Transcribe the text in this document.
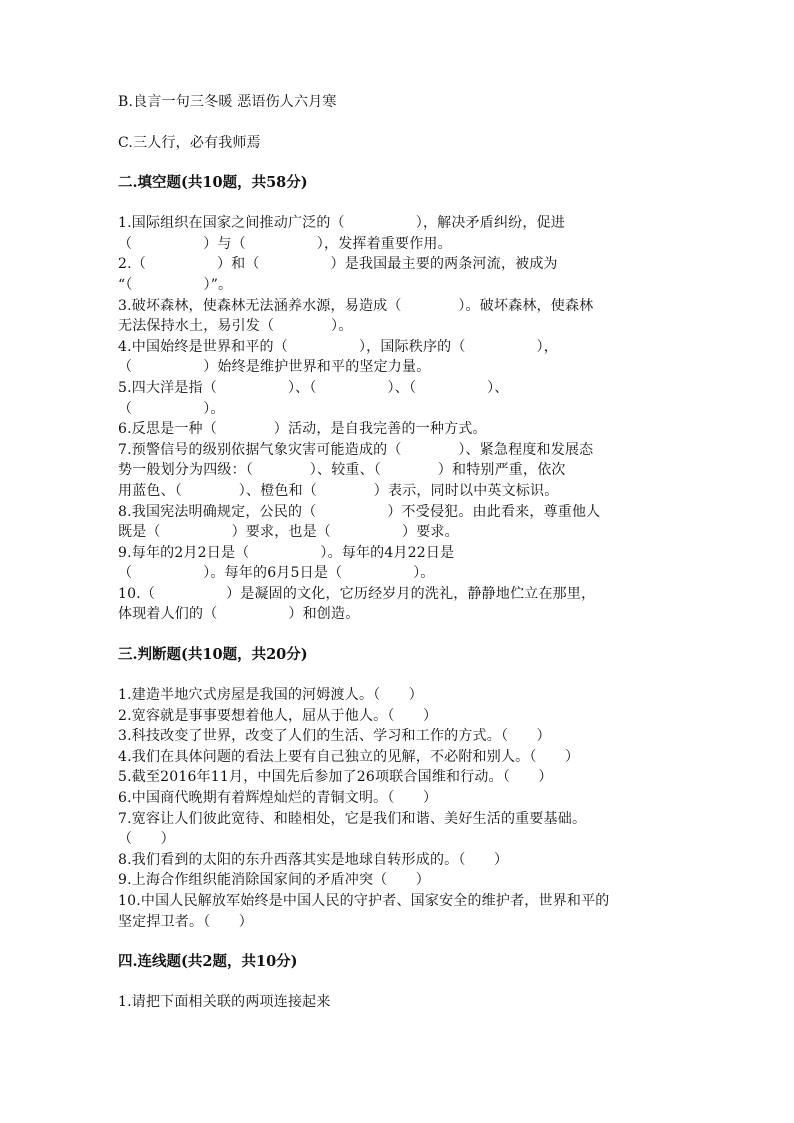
B.良言一句三冬暖 恶语伤人六月寒
C.三人行，必有我师焉
二.填空题(共10题，共58分)
1.国际组织在国家之间推动广泛的（　　　　　），解决矛盾纠纷，促进
（　　　　　）与（　　　　　），发挥着重要作用。
2.（　　　　　）和（　　　　　）是我国最主要的两条河流，被成为
“（　　　　　）”。
3.破坏森林，使森林无法涵养水源，易造成（　　　　）。破坏森林，使森林
无法保持水土，易引发（　　　　）。
4.中国始终是世界和平的（　　　　　），国际秩序的（　　　　　），
（　　　　　）始终是维护世界和平的坚定力量。
5.四大洋是指（　　　　　）、（　　　　　）、（　　　　　）、
（　　　　　）。
6.反思是一种（　　　　）活动，是自我完善的一种方式。
7.预警信号的级别依据气象灾害可能造成的（　　　　）、紧急程度和发展态
势一般划分为四级：（　　　　）、较重、（　　　　）和特别严重，依次
用蓝色、（　　　　）、橙色和（　　　　）表示，同时以中英文标识。
8.我国宪法明确规定，公民的（　　　　　）不受侵犯。由此看来，尊重他人
既是（　　　　　）要求，也是（　　　　　）要求。
9.每年的2月2日是（　　　　　）。每年的4月22日是
（　　　　　）。每年的6月5日是（　　　　　）。
10.（　　　　　）是凝固的文化，它历经岁月的洗礼，静静地伫立在那里，
体现着人们的（　　　　　）和创造。
三.判断题(共10题，共20分)
1.建造半地穴式房屋是我国的河姆渡人。（　　）
2.宽容就是事事要想着他人，屈从于他人。（　　）
3.科技改变了世界，改变了人们的生活、学习和工作的方式。（　　）
4.我们在具体问题的看法上要有自己独立的见解，不必附和别人。（　　）
5.截至2016年11月，中国先后参加了26项联合国维和行动。（　　）
6.中国商代晚期有着辉煌灿烂的青铜文明。（　　）
7.宽容让人们彼此宽待、和睦相处，它是我们和谐、美好生活的重要基础。
（　　）
8.我们看到的太阳的东升西落其实是地球自转形成的。（　　）
9.上海合作组织能消除国家间的矛盾冲突（　　）
10.中国人民解放军始终是中国人民的守护者、国家安全的维护者，世界和平的
坚定捍卫者。（　　）
四.连线题(共2题，共10分)
1.请把下面相关联的两项连接起来
